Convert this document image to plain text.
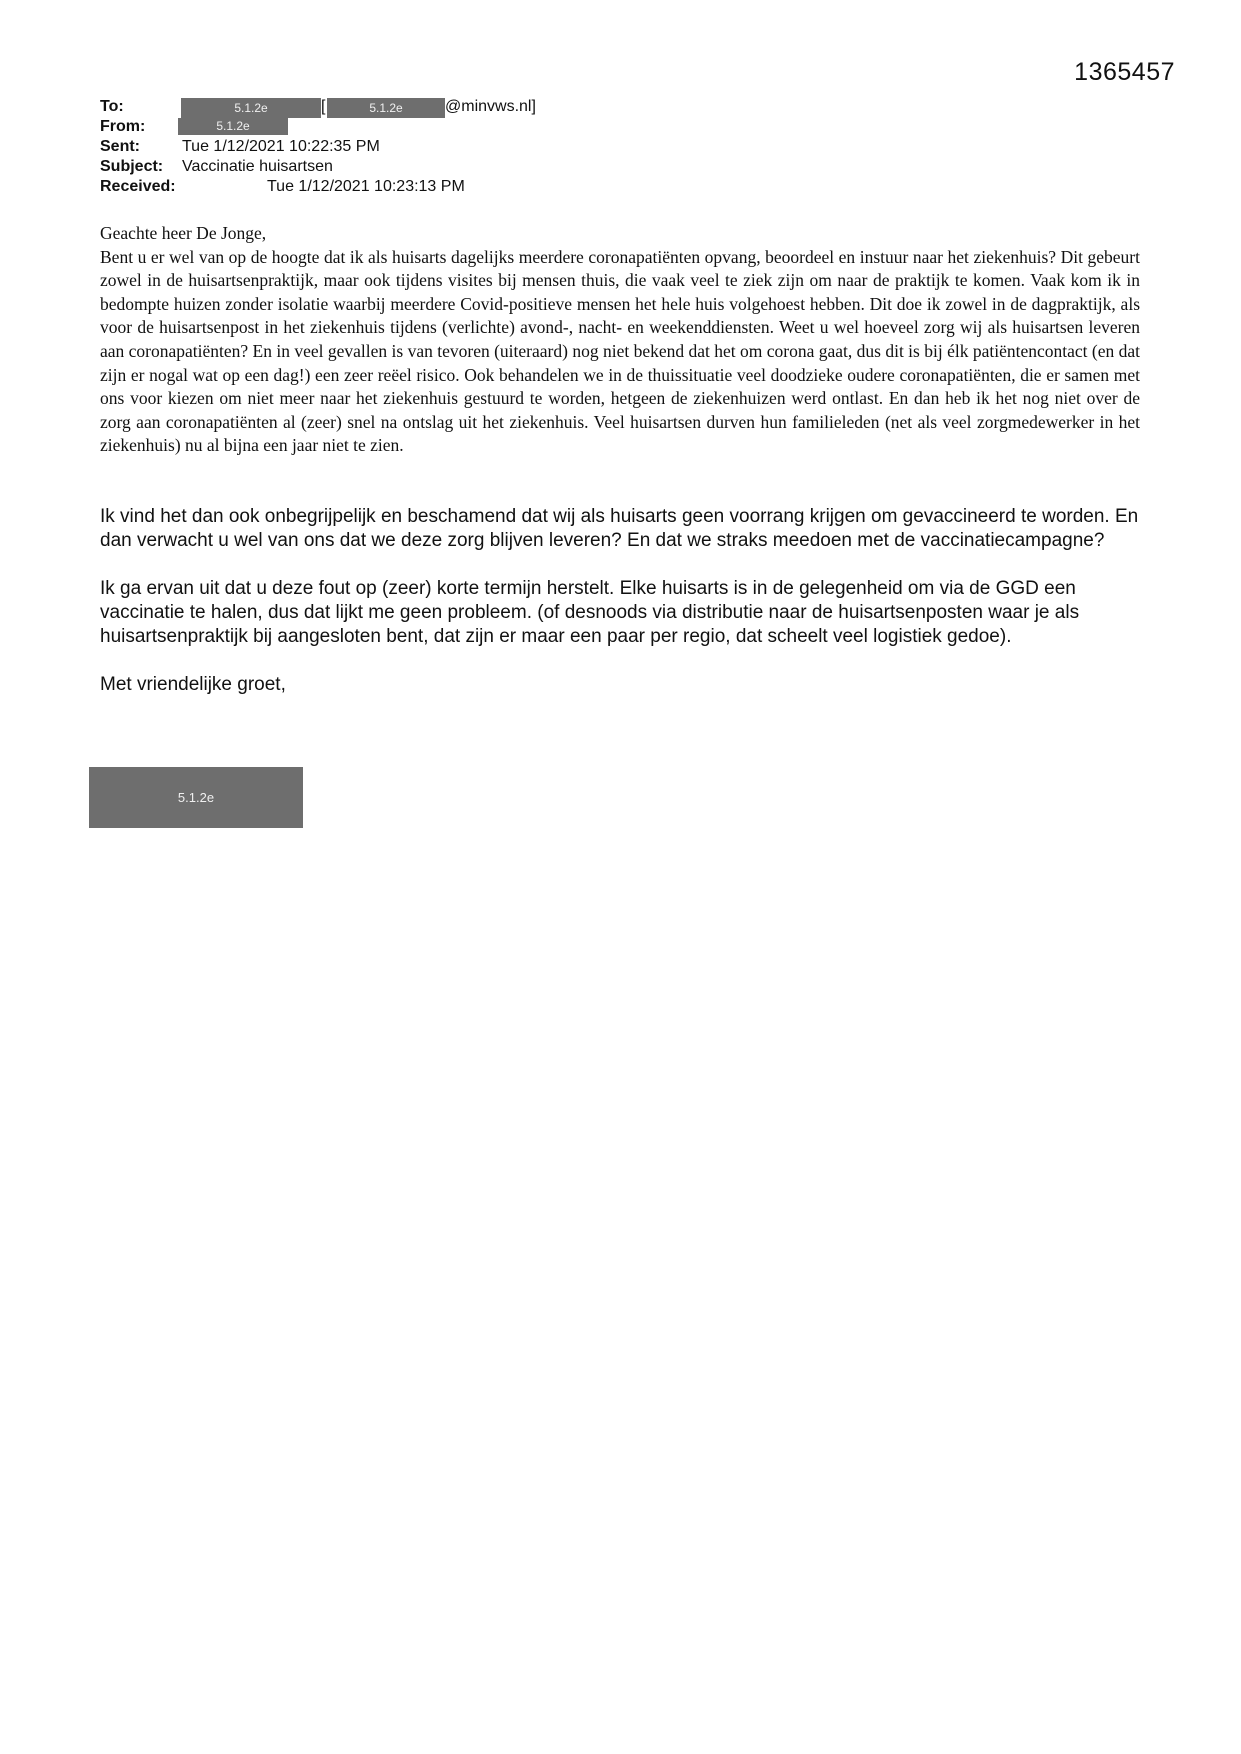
1365457
To:	5.1.2e	[	5.1.2e	@minvws.nl]
From:	5.1.2e
Sent:	Tue 1/12/2021 10:22:35 PM
Subject: Vaccinatie huisartsen
Received:	Tue 1/12/2021 10:23:13 PM

Geachte heer De Jonge,

Bent u er wel van op de hoogte dat ik als huisarts dagelijks meerdere coronapatiënten opvang, beoordeel en instuur naar het ziekenhuis? Dit gebeurt zowel in de huisartsenpraktijk, maar ook tijdens visites bij mensen thuis, die vaak veel te ziek zijn om naar de praktijk te komen. Vaak kom ik in bedompte huizen zonder isolatie waarbij meerdere Covid-positieve mensen het hele huis volgehoest hebben. Dit doe ik zowel in de dagpraktijk, als voor de huisartsenpost in het ziekenhuis tijdens (verlichte) avond-, nacht- en weekenddiensten. Weet u wel hoeveel zorg wij als huisartsen leveren aan coronapatiënten? En in veel gevallen is van tevoren (uiteraard) nog niet bekend dat het om corona gaat, dus dit is bij élk patiëntencontact (en dat zijn er nogal wat op een dag!) een zeer reëel risico. Ook behandelen we in de thuissituatie veel doodzieke oudere coronapatiënten, die er samen met ons voor kiezen om niet meer naar het ziekenhuis gestuurd te worden, hetgeen de ziekenhuizen werd ontlast. En dan heb ik het nog niet over de zorg aan coronapatiënten al (zeer) snel na ontslag uit het ziekenhuis. Veel huisartsen durven hun familieleden (net als veel zorgmedewerker in het ziekenhuis) nu al bijna een jaar niet te zien.

Ik vind het dan ook onbegrijpelijk en beschamend dat wij als huisarts geen voorrang krijgen om gevaccineerd te worden. En dan verwacht u wel van ons dat we deze zorg blijven leveren? En dat we straks meedoen met de vaccinatiecampagne?

Ik ga ervan uit dat u deze fout op (zeer) korte termijn herstelt. Elke huisarts is in de gelegenheid om via de GGD een vaccinatie te halen, dus dat lijkt me geen probleem. (of desnoods via distributie naar de huisartsenposten waar je als huisartsenpraktijk bij aangesloten bent, dat zijn er maar een paar per regio, dat scheelt veel logistiek gedoe).

Met vriendelijke groet,

5.1.2e
